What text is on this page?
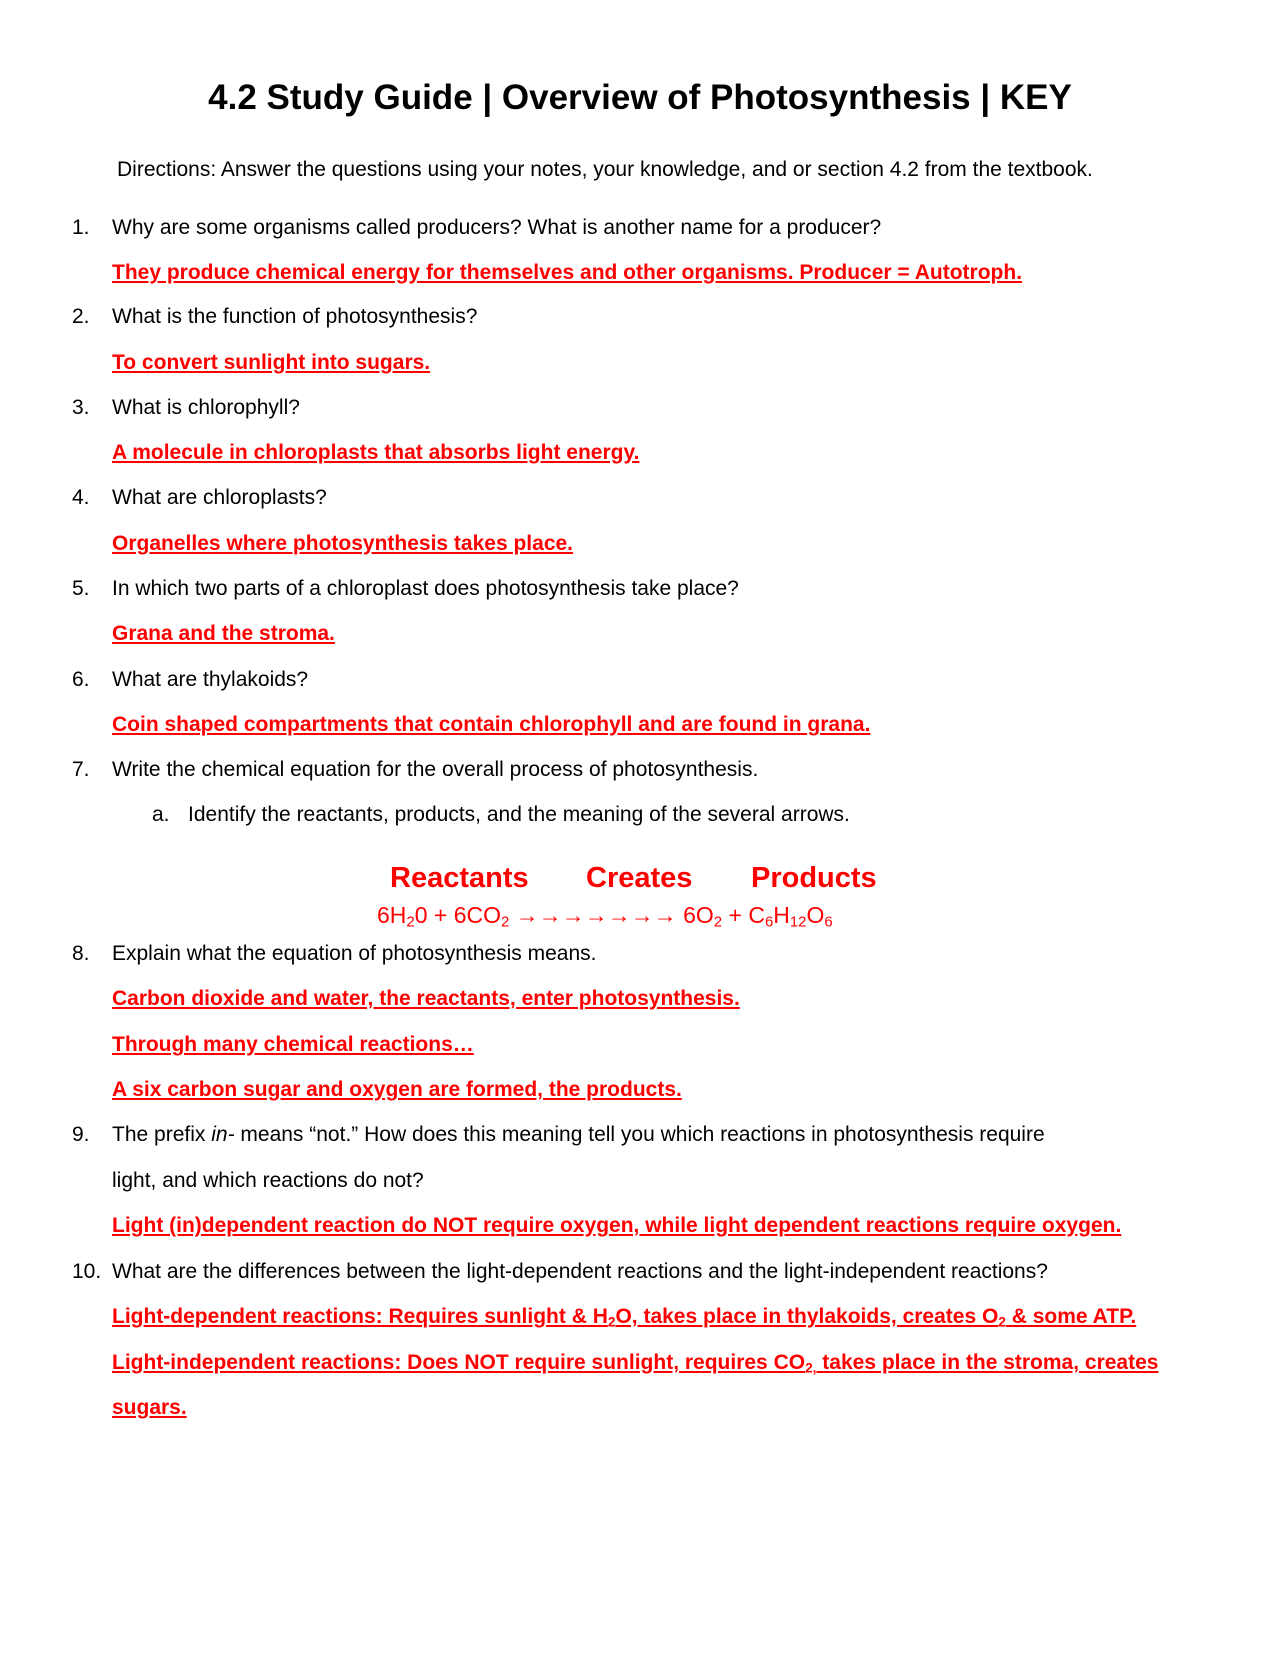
4.2 Study Guide | Overview of Photosynthesis | KEY
Directions: Answer the questions using your notes, your knowledge, and or section 4.2 from the textbook.
1. Why are some organisms called producers? What is another name for a producer?
They produce chemical energy for themselves and other organisms. Producer = Autotroph.
2. What is the function of photosynthesis?
To convert sunlight into sugars.
3. What is chlorophyll?
A molecule in chloroplasts that absorbs light energy.
4. What are chloroplasts?
Organelles where photosynthesis takes place.
5. In which two parts of a chloroplast does photosynthesis take place?
Grana and the stroma.
6. What are thylakoids?
Coin shaped compartments that contain chlorophyll and are found in grana.
7. Write the chemical equation for the overall process of photosynthesis.
a. Identify the reactants, products, and the meaning of the several arrows.
Reactants Creates Products
$6H_20 + 6CO_2$ →→→→→→→ $6O_2 + C_6H_{12}O_6$
8. Explain what the equation of photosynthesis means.
Carbon dioxide and water, the reactants, enter photosynthesis.
Through many chemical reactions…
A six carbon sugar and oxygen are formed, the products.
9. The prefix in- means “not.” How does this meaning tell you which reactions in photosynthesis require
light, and which reactions do not?
Light (in)dependent reaction do NOT require oxygen, while light dependent reactions require oxygen.
10. What are the differences between the light-dependent reactions and the light-independent reactions?
Light-dependent reactions: Requires sunlight & $H_2O$, takes place in thylakoids, creates $O_2$ & some ATP.
Light-independent reactions: Does NOT require sunlight, requires $CO_{2,}$ takes place in the stroma, creates
sugars.
